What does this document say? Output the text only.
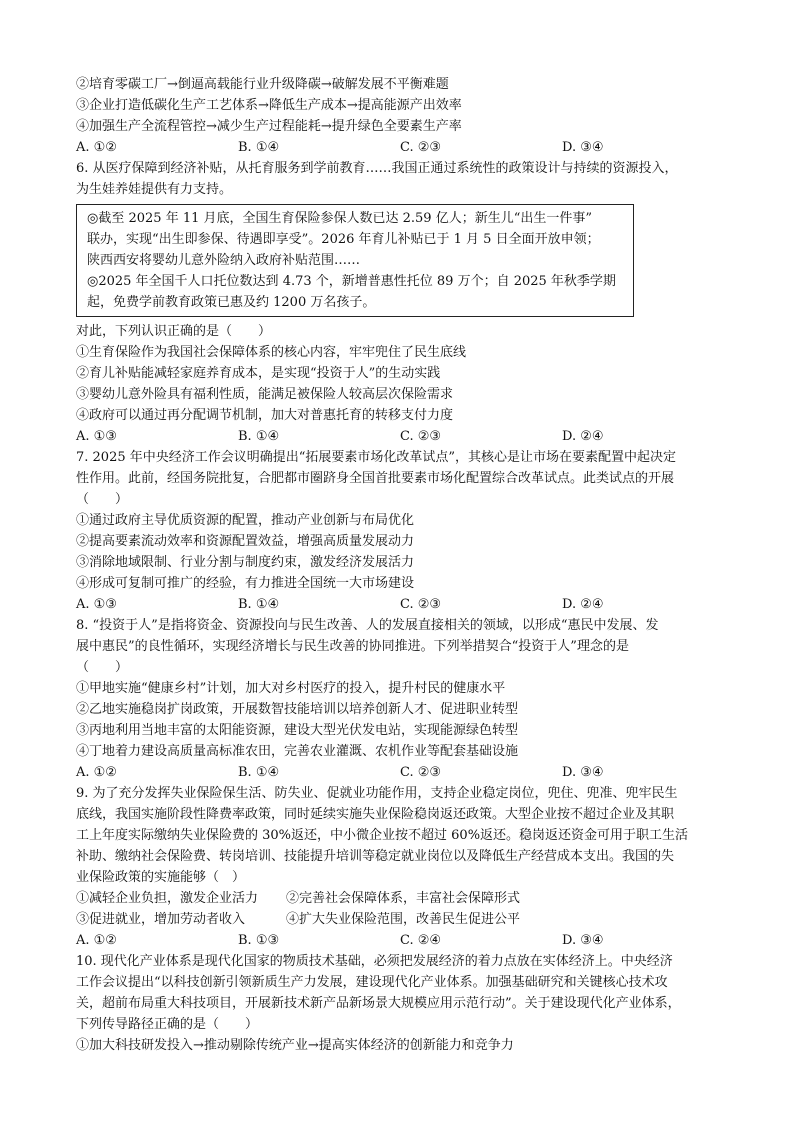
②培育零碳工厂→倒逼高载能行业升级降碳→破解发展不平衡难题
③企业打造低碳化生产工艺体系→降低生产成本→提高能源产出效率
④加强生产全流程管控→减少生产过程能耗→提升绿色全要素生产率
A. ①②	B. ①④	C. ②③	D. ③④
6. 从医疗保障到经济补贴，从托育服务到学前教育……我国正通过系统性的政策设计与持续的资源投入，
为生娃养娃提供有力支持。
◎截至 2025 年 11 月底，全国生育保险参保人数已达 2.59 亿人；新生儿“出生一件事”
联办，实现“出生即参保、待遇即享受”。2026 年育儿补贴已于 1 月 5 日全面开放申领；
陕西西安将婴幼儿意外险纳入政府补贴范围……
◎2025 年全国千人口托位数达到 4.73 个，新增普惠性托位 89 万个；自 2025 年秋季学期
起，免费学前教育政策已惠及约 1200 万名孩子。
对此，下列认识正确的是（　　）
①生育保险作为我国社会保障体系的核心内容，牢牢兜住了民生底线
②育儿补贴能减轻家庭养育成本，是实现“投资于人”的生动实践
③婴幼儿意外险具有福利性质，能满足被保险人较高层次保险需求
④政府可以通过再分配调节机制，加大对普惠托育的转移支付力度
A. ①③	B. ①④	C. ②③	D. ②④
7. 2025 年中央经济工作会议明确提出“拓展要素市场化改革试点”，其核心是让市场在要素配置中起决定
性作用。此前，经国务院批复，合肥都市圈跻身全国首批要素市场化配置综合改革试点。此类试点的开展
（　　）
①通过政府主导优质资源的配置，推动产业创新与布局优化
②提高要素流动效率和资源配置效益，增强高质量发展动力
③消除地域限制、行业分割与制度约束，激发经济发展活力
④形成可复制可推广的经验，有力推进全国统一大市场建设
A. ①③	B. ①④	C. ②③	D. ②④
8. “投资于人”是指将资金、资源投向与民生改善、人的发展直接相关的领域，以形成“惠民中发展、发
展中惠民”的良性循环，实现经济增长与民生改善的协同推进。下列举措契合“投资于人”理念的是
（　　）
①甲地实施“健康乡村”计划，加大对乡村医疗的投入，提升村民的健康水平
②乙地实施稳岗扩岗政策，开展数智技能培训以培养创新人才、促进职业转型
③丙地利用当地丰富的太阳能资源，建设大型光伏发电站，实现能源绿色转型
④丁地着力建设高质量高标准农田，完善农业灌溉、农机作业等配套基础设施
A. ①②	B. ①④	C. ②③	D. ③④
9. 为了充分发挥失业保险保生活、防失业、促就业功能作用，支持企业稳定岗位，兜住、兜准、兜牢民生
底线，我国实施阶段性降费率政策，同时延续实施失业保险稳岗返还政策。大型企业按不超过企业及其职
工上年度实际缴纳失业保险费的 30%返还，中小微企业按不超过 60%返还。稳岗返还资金可用于职工生活
补助、缴纳社会保险费、转岗培训、技能提升培训等稳定就业岗位以及降低生产经营成本支出。我国的失
业保险政策的实施能够（　）
①减轻企业负担，激发企业活力	②完善社会保障体系，丰富社会保障形式
③促进就业，增加劳动者收入	④扩大失业保险范围，改善民生促进公平
A. ①②	B. ①③	C. ②④	D. ③④
10. 现代化产业体系是现代化国家的物质技术基础，必须把发展经济的着力点放在实体经济上。中央经济
工作会议提出“以科技创新引领新质生产力发展，建设现代化产业体系。加强基础研究和关键核心技术攻
关，超前布局重大科技项目，开展新技术新产品新场景大规模应用示范行动”。关于建设现代化产业体系，
下列传导路径正确的是（　　）
①加大科技研发投入→推动剔除传统产业→提高实体经济的创新能力和竞争力
